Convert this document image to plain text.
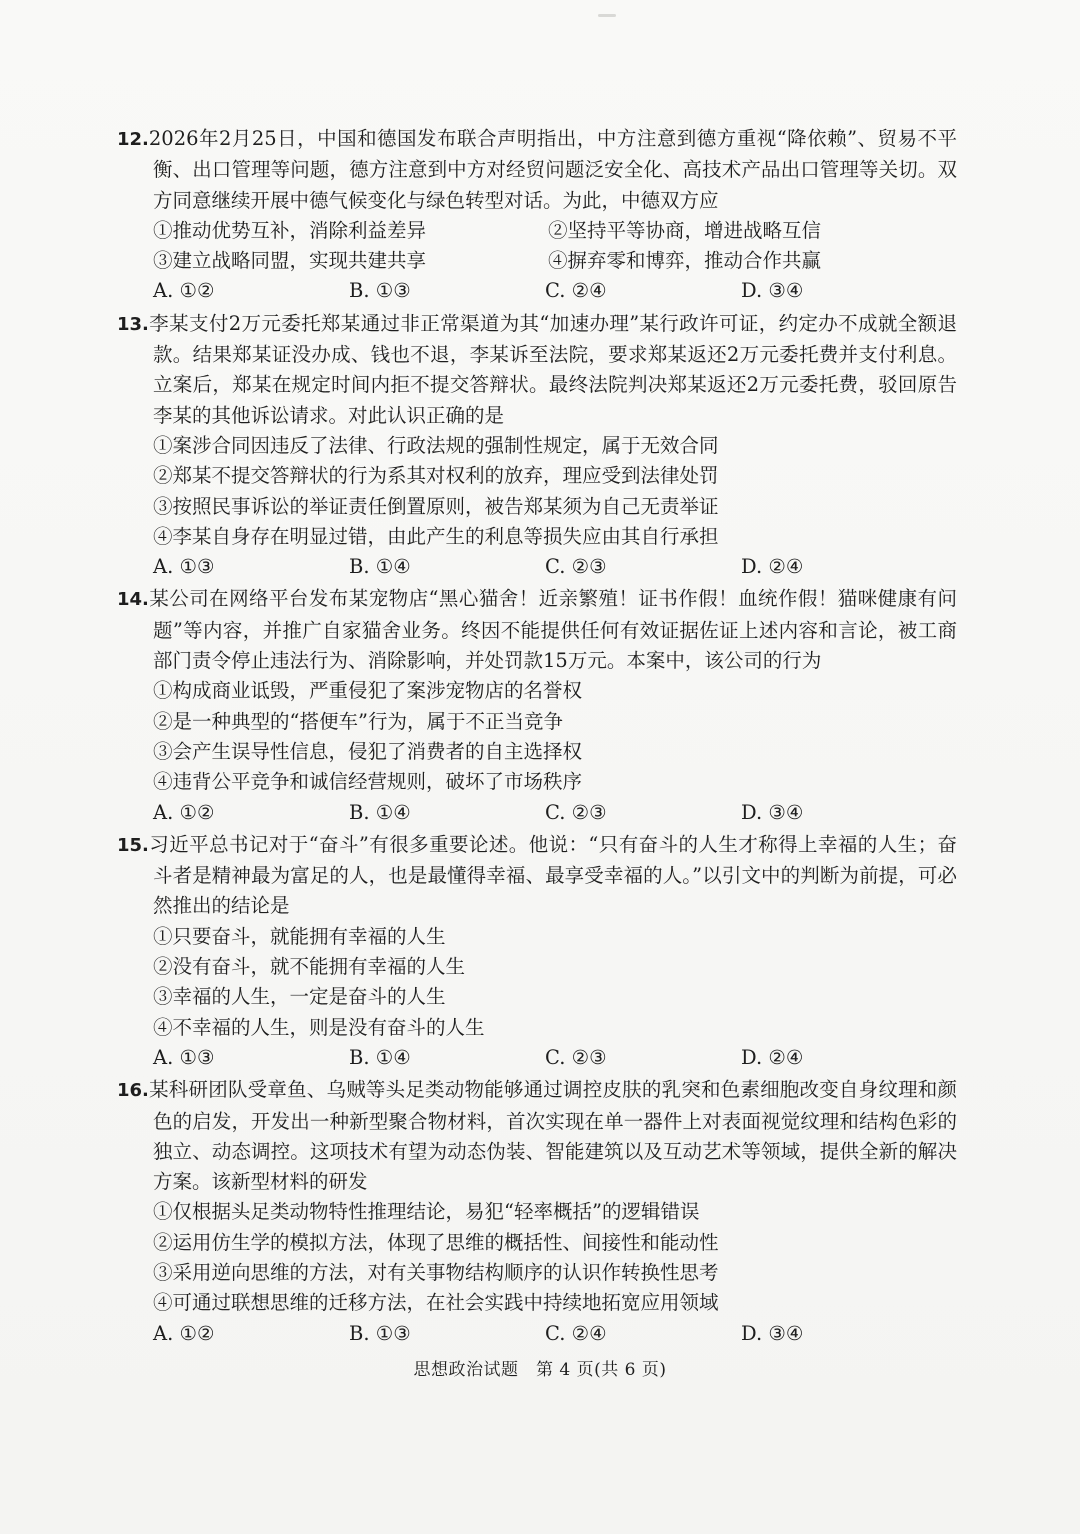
12.2026年2月25日，中国和德国发布联合声明指出，中方注意到德方重视“降依赖”、贸易不平衡、出口管理等问题，德方注意到中方对经贸问题泛安全化、高技术产品出口管理等关切。双方同意继续开展中德气候变化与绿色转型对话。为此，中德双方应
①推动优势互补，消除利益差异	②坚持平等协商，增进战略互信
③建立战略同盟，实现共建共享	④摒弃零和博弈，推动合作共赢
A. ①②	B. ①③	C. ②④	D. ③④
13.李某支付2万元委托郑某通过非正常渠道为其“加速办理”某行政许可证，约定办不成就全额退款。结果郑某证没办成、钱也不退，李某诉至法院，要求郑某返还2万元委托费并支付利息。立案后，郑某在规定时间内拒不提交答辩状。最终法院判决郑某返还2万元委托费，驳回原告李某的其他诉讼请求。对此认识正确的是
①案涉合同因违反了法律、行政法规的强制性规定，属于无效合同
②郑某不提交答辩状的行为系其对权利的放弃，理应受到法律处罚
③按照民事诉讼的举证责任倒置原则，被告郑某须为自己无责举证
④李某自身存在明显过错，由此产生的利息等损失应由其自行承担
A. ①③	B. ①④	C. ②③	D. ②④
14.某公司在网络平台发布某宠物店“黑心猫舍！近亲繁殖！证书作假！血统作假！猫咪健康有问题”等内容，并推广自家猫舍业务。终因不能提供任何有效证据佐证上述内容和言论，被工商部门责令停止违法行为、消除影响，并处罚款15万元。本案中，该公司的行为
①构成商业诋毁，严重侵犯了案涉宠物店的名誉权
②是一种典型的“搭便车”行为，属于不正当竞争
③会产生误导性信息，侵犯了消费者的自主选择权
④违背公平竞争和诚信经营规则，破坏了市场秩序
A. ①②	B. ①④	C. ②③	D. ③④
15.习近平总书记对于“奋斗”有很多重要论述。他说：“只有奋斗的人生才称得上幸福的人生；奋斗者是精神最为富足的人，也是最懂得幸福、最享受幸福的人。”以引文中的判断为前提，可必然推出的结论是
①只要奋斗，就能拥有幸福的人生
②没有奋斗，就不能拥有幸福的人生
③幸福的人生，一定是奋斗的人生
④不幸福的人生，则是没有奋斗的人生
A. ①③	B. ①④	C. ②③	D. ②④
16.某科研团队受章鱼、乌贼等头足类动物能够通过调控皮肤的乳突和色素细胞改变自身纹理和颜色的启发，开发出一种新型聚合物材料，首次实现在单一器件上对表面视觉纹理和结构色彩的独立、动态调控。这项技术有望为动态伪装、智能建筑以及互动艺术等领域，提供全新的解决方案。该新型材料的研发
①仅根据头足类动物特性推理结论，易犯“轻率概括”的逻辑错误
②运用仿生学的模拟方法，体现了思维的概括性、间接性和能动性
③采用逆向思维的方法，对有关事物结构顺序的认识作转换性思考
④可通过联想思维的迁移方法，在社会实践中持续地拓宽应用领域
A. ①②	B. ①③	C. ②④	D. ③④
思想政治试题　第 4 页(共 6 页)
